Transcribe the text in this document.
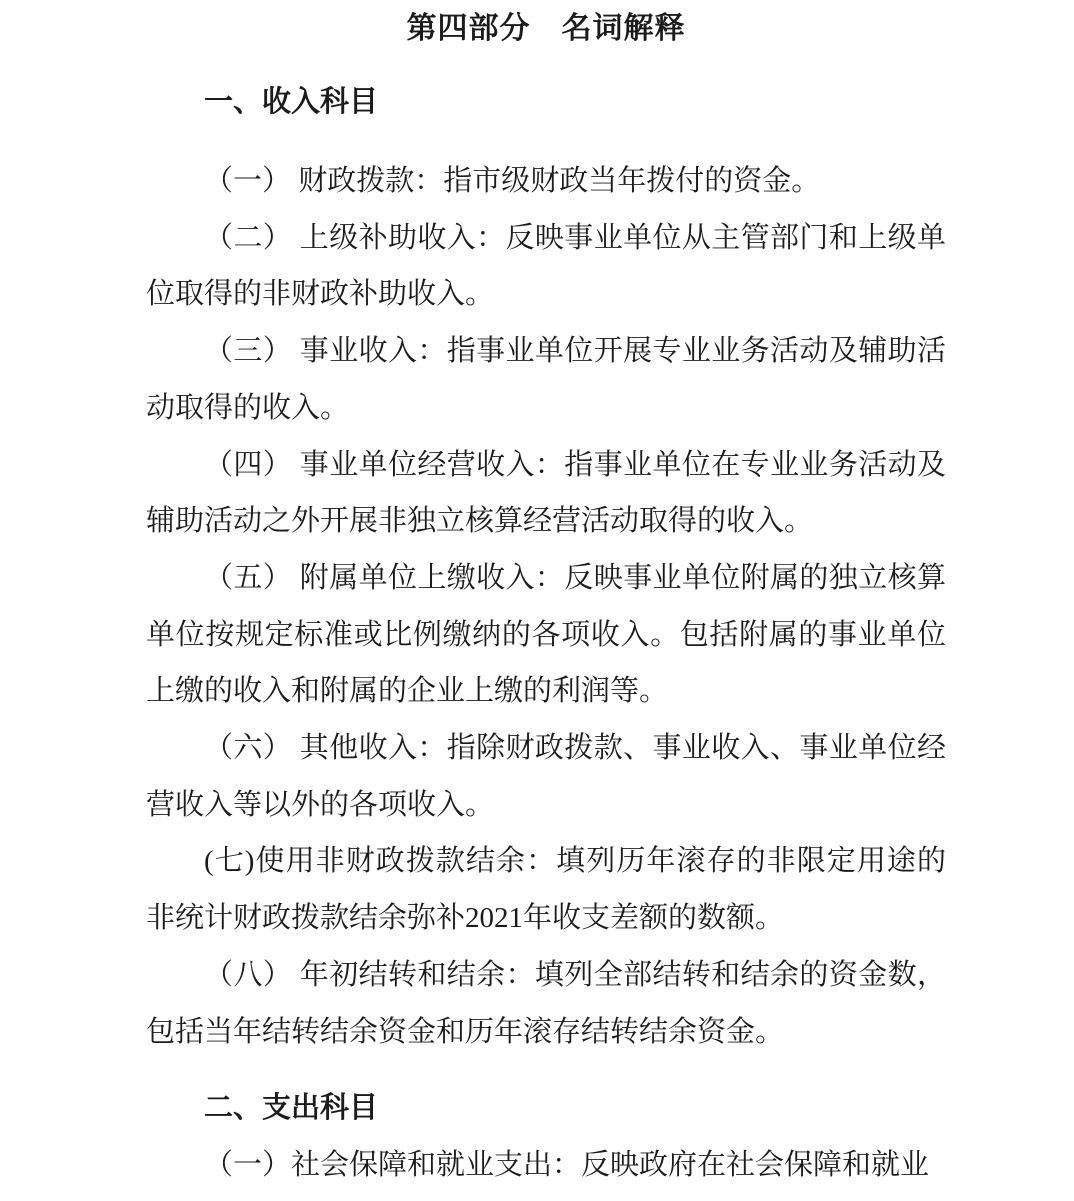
第四部分　名词解释
一、收入科目

（一） 财政拨款：指市级财政当年拨付的资金。

（二） 上级补助收入：反映事业单位从主管部门和上级单位取得的非财政补助收入。

（三） 事业收入：指事业单位开展专业业务活动及辅助活动取得的收入。

（四） 事业单位经营收入：指事业单位在专业业务活动及辅助活动之外开展非独立核算经营活动取得的收入。

（五） 附属单位上缴收入：反映事业单位附属的独立核算单位按规定标准或比例缴纳的各项收入。包括附属的事业单位上缴的收入和附属的企业上缴的利润等。

（六） 其他收入：指除财政拨款、事业收入、事业单位经营收入等以外的各项收入。

(七)使用非财政拨款结余：填列历年滚存的非限定用途的非统计财政拨款结余弥补2021年收支差额的数额。

（八） 年初结转和结余：填列全部结转和结余的资金数，包括当年结转结余资金和历年滚存结转结余资金。

二、支出科目

（一）社会保障和就业支出：反映政府在社会保障和就业
